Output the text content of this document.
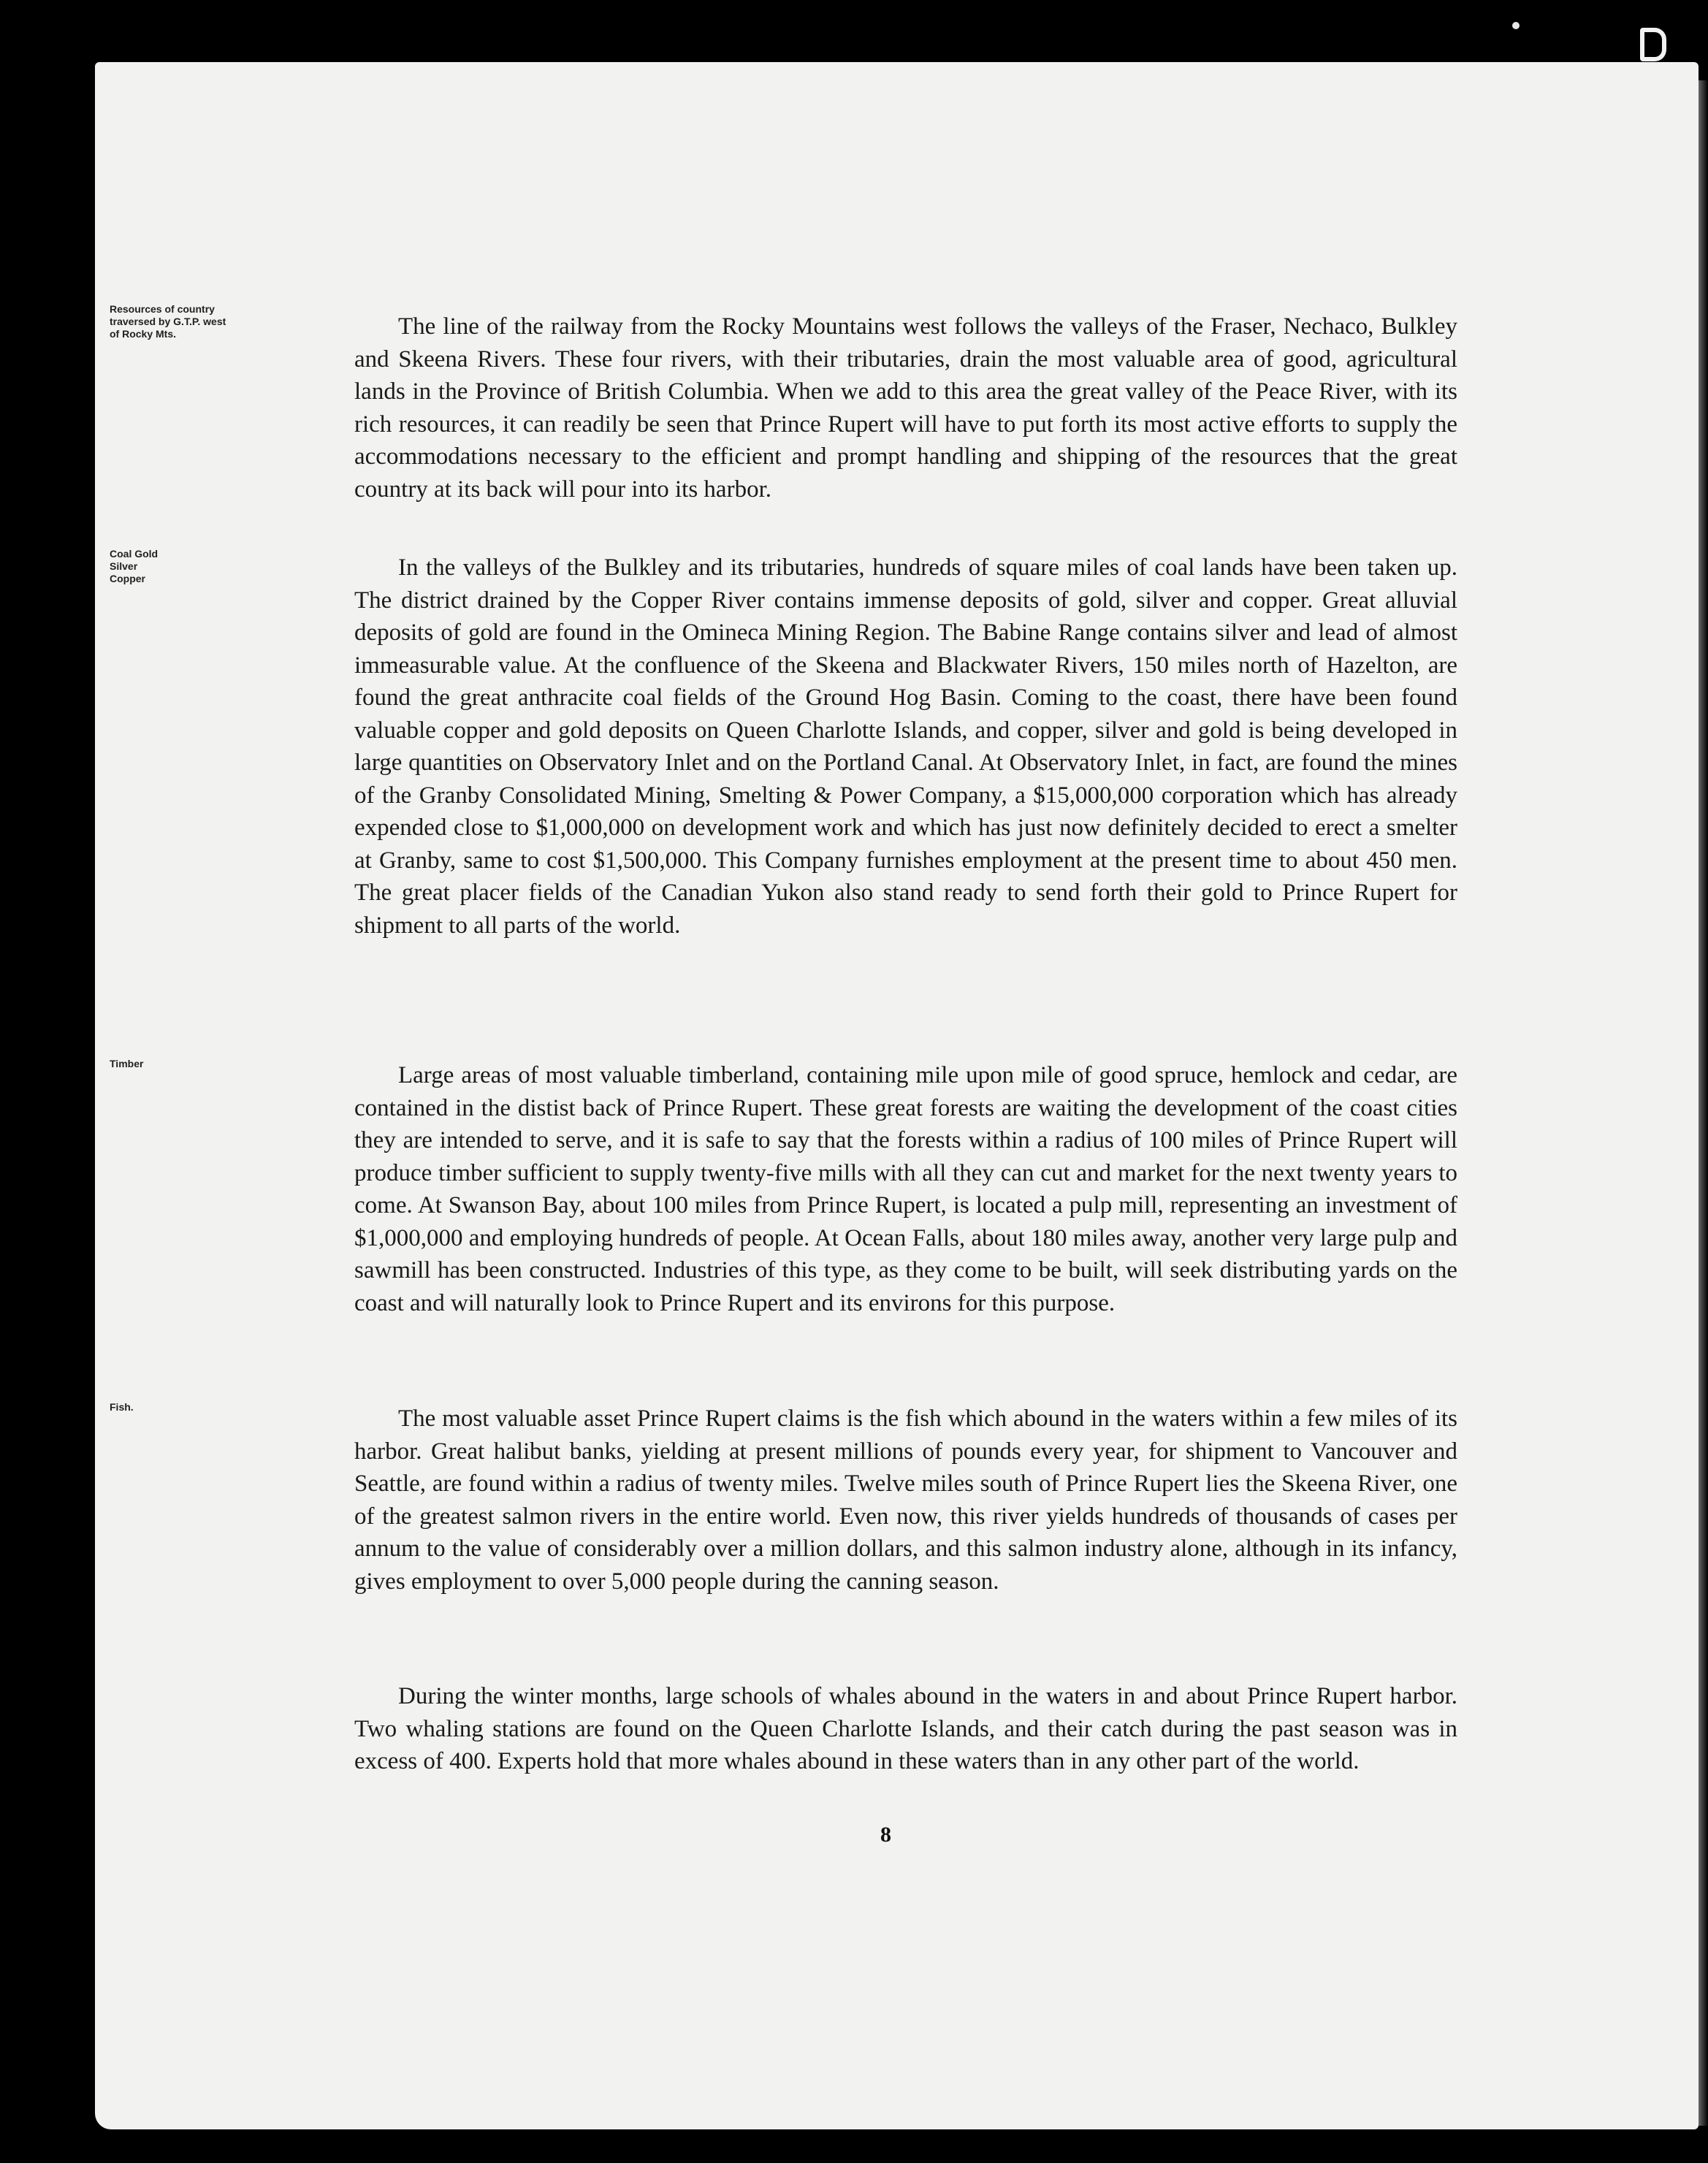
Resources of country traversed by G.T.P. west of Rocky Mts.
Coal Gold Silver Copper
Timber
Fish.

The line of the railway from the Rocky Mountains west follows the valleys of the Fraser, Nechaco, Bulkley and Skeena Rivers. These four rivers, with their tributaries, drain the most valuable area of good, agricultural lands in the Province of British Columbia. When we add to this area the great valley of the Peace River, with its rich resources, it can readily be seen that Prince Rupert will have to put forth its most active efforts to supply the accommodations necessary to the efficient and prompt handling and shipping of the resources that the great country at its back will pour into its harbor.

In the valleys of the Bulkley and its tributaries, hundreds of square miles of coal lands have been taken up. The district drained by the Copper River contains immense deposits of gold, silver and copper. Great alluvial deposits of gold are found in the Omineca Mining Region. The Babine Range contains silver and lead of almost immeasurable value. At the confluence of the Skeena and Blackwater Rivers, 150 miles north of Hazelton, are found the great anthracite coal fields of the Ground Hog Basin. Coming to the coast, there have been found valuable copper and gold deposits on Queen Charlotte Islands, and copper, silver and gold is being developed in large quantities on Observatory Inlet and on the Portland Canal. At Observatory Inlet, in fact, are found the mines of the Granby Consolidated Mining, Smelting & Power Company, a $15,000,000 corporation which has already expended close to $1,000,000 on development work and which has just now definitely decided to erect a smelter at Granby, same to cost $1,500,000. This Company furnishes employment at the present time to about 450 men. The great placer fields of the Canadian Yukon also stand ready to send forth their gold to Prince Rupert for shipment to all parts of the world.

Large areas of most valuable timberland, containing mile upon mile of good spruce, hemlock and cedar, are contained in the distist back of Prince Rupert. These great forests are waiting the development of the coast cities they are intended to serve, and it is safe to say that the forests within a radius of 100 miles of Prince Rupert will produce timber sufficient to supply twenty-five mills with all they can cut and market for the next twenty years to come. At Swanson Bay, about 100 miles from Prince Rupert, is located a pulp mill, representing an investment of $1,000,000 and employing hundreds of people. At Ocean Falls, about 180 miles away, another very large pulp and sawmill has been constructed. Industries of this type, as they come to be built, will seek distributing yards on the coast and will naturally look to Prince Rupert and its environs for this purpose.

The most valuable asset Prince Rupert claims is the fish which abound in the waters within a few miles of its harbor. Great halibut banks, yielding at present millions of pounds every year, for shipment to Vancouver and Seattle, are found within a radius of twenty miles. Twelve miles south of Prince Rupert lies the Skeena River, one of the greatest salmon rivers in the entire world. Even now, this river yields hundreds of thousands of cases per annum to the value of considerably over a million dollars, and this salmon industry alone, although in its infancy, gives employment to over 5,000 people during the canning season.

During the winter months, large schools of whales abound in the waters in and about Prince Rupert harbor. Two whaling stations are found on the Queen Charlotte Islands, and their catch during the past season was in excess of 400. Experts hold that more whales abound in these waters than in any other part of the world.

8
